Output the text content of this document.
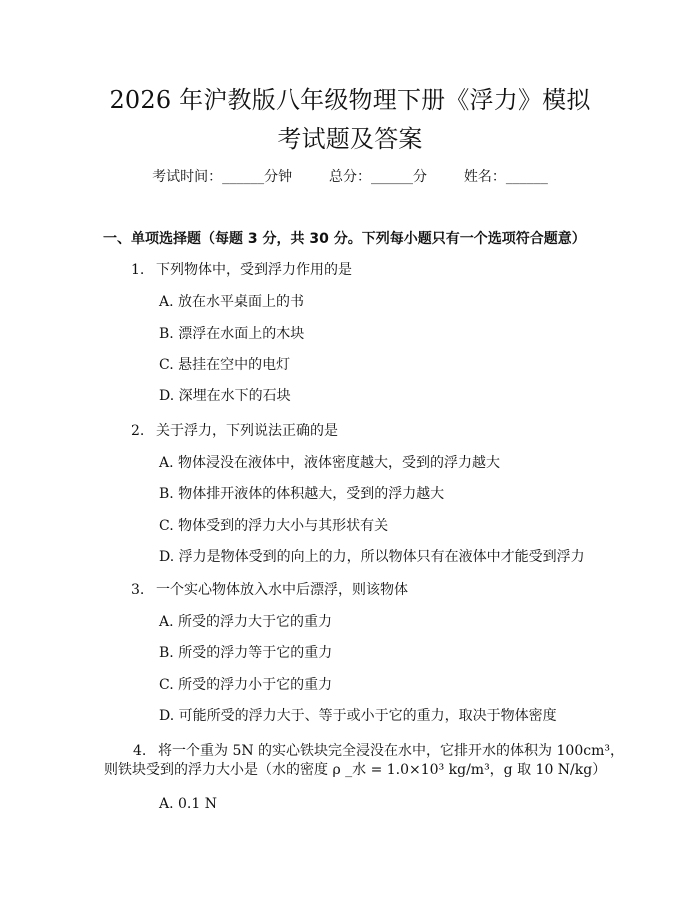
2026 年沪教版八年级物理下册《浮力》模拟
考试题及答案
考试时间：______分钟	总分：______分	姓名：______
一、单项选择题（每题 3 分，共 30 分。下列每小题只有一个选项符合题意）
1. 下列物体中，受到浮力作用的是
A. 放在水平桌面上的书
B. 漂浮在水面上的木块
C. 悬挂在空中的电灯
D. 深埋在水下的石块
2. 关于浮力，下列说法正确的是
A. 物体浸没在液体中，液体密度越大，受到的浮力越大
B. 物体排开液体的体积越大，受到的浮力越大
C. 物体受到的浮力大小与其形状有关
D. 浮力是物体受到的向上的力，所以物体只有在液体中才能受到浮力
3. 一个实心物体放入水中后漂浮，则该物体
A. 所受的浮力大于它的重力
B. 所受的浮力等于它的重力
C. 所受的浮力小于它的重力
D. 可能所受的浮力大于、等于或小于它的重力，取决于物体密度
4. 将一个重为 5N 的实心铁块完全浸没在水中，它排开水的体积为 100cm³，
则铁块受到的浮力大小是（水的密度 ρ _水 = 1.0×10³ kg/m³，g 取 10 N/kg）
A. 0.1 N
